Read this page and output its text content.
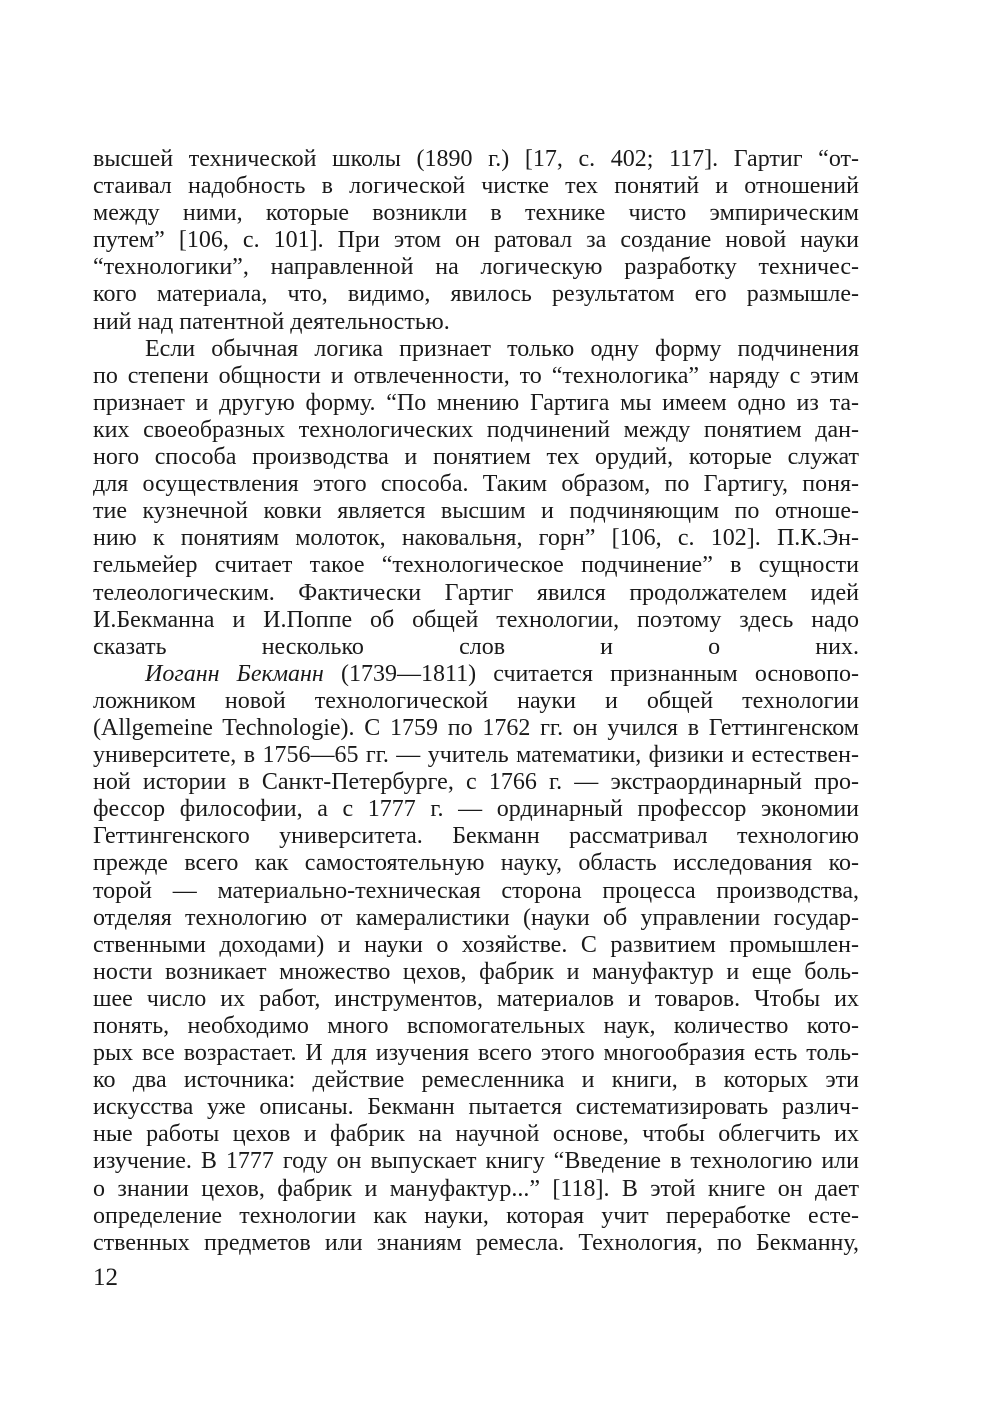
высшей технической школы (1890 г.) [17, с. 402; 117]. Гартиг “от-
стаивал надобность в логической чистке тех понятий и отношений
между ними, которые возникли в технике чисто эмпирическим
путем” [106, с. 101]. При этом он ратовал за создание новой науки
“технологики”, направленной на логическую разработку техничес-
кого материала, что, видимо, явилось результатом его размышле-
ний над патентной деятельностью.
Если обычная логика признает только одну форму подчинения
по степени общности и отвлеченности, то “технологика” наряду с этим
признает и другую форму. “По мнению Гартига мы имеем одно из та-
ких своеобразных технологических подчинений между понятием дан-
ного способа производства и понятием тех орудий, которые служат
для осуществления этого способа. Таким образом, по Гартигу, поня-
тие кузнечной ковки является высшим и подчиняющим по отноше-
нию к понятиям молоток, наковальня, горн” [106, с. 102]. П.К.Эн-
гельмейер считает такое “технологическое подчинение” в сущности
телеологическим. Фактически Гартиг явился продолжателем идей
И.Бекманна и И.Поппе об общей технологии, поэтому здесь надо
сказать несколько слов и о них.
Иоганн Бекманн (1739—1811) считается признанным основопо-
ложником новой технологической науки и общей технологии
(Allgemeine Technologie). С 1759 по 1762 гг. он учился в Геттингенском
университете, в 1756—65 гг. — учитель математики, физики и естествен-
ной истории в Санкт-Петербурге, с 1766 г. — экстраординарный про-
фессор философии, а с 1777 г. — ординарный профессор экономии
Геттингенского университета. Бекманн рассматривал технологию
прежде всего как самостоятельную науку, область исследования ко-
торой — материально-техническая сторона процесса производства,
отделяя технологию от камералистики (науки об управлении государ-
ственными доходами) и науки о хозяйстве. С развитием промышлен-
ности возникает множество цехов, фабрик и мануфактур и еще боль-
шее число их работ, инструментов, материалов и товаров. Чтобы их
понять, необходимо много вспомогательных наук, количество кото-
рых все возрастает. И для изучения всего этого многообразия есть толь-
ко два источника: действие ремесленника и книги, в которых эти
искусства уже описаны. Бекманн пытается систематизировать различ-
ные работы цехов и фабрик на научной основе, чтобы облегчить их
изучение. В 1777 году он выпускает книгу “Введение в технологию или
о знании цехов, фабрик и мануфактур...” [118]. В этой книге он дает
определение технологии как науки, которая учит переработке есте-
ственных предметов или знаниям ремесла. Технология, по Бекманну,
12
